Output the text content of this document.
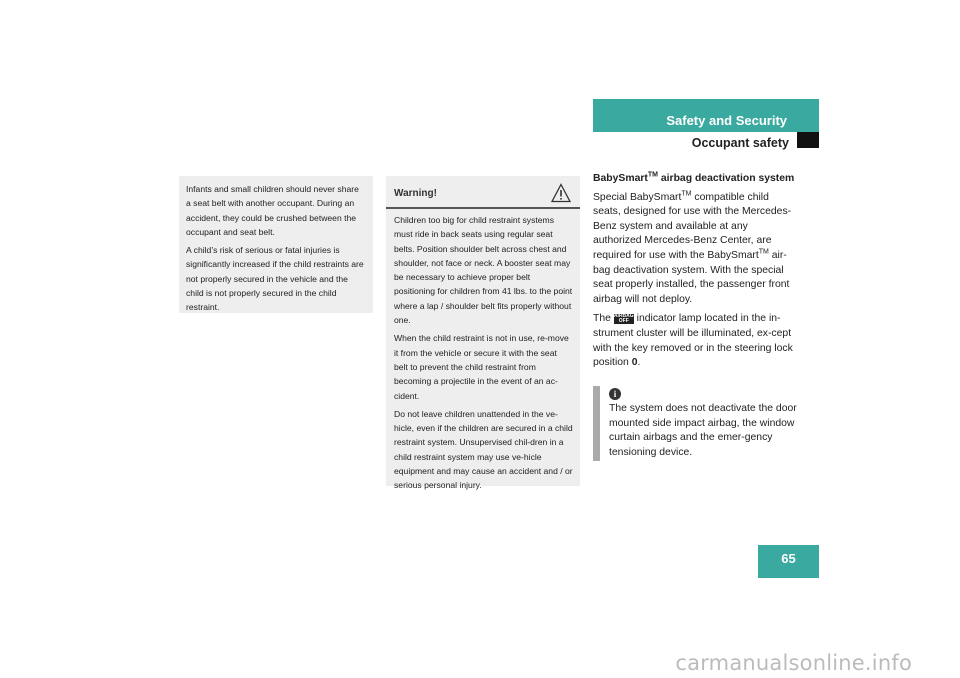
Safety and Security
Occupant safety

Infants and small children should never share a seat belt with another occupant. During an accident, they could be crushed between the occupant and seat belt.

A child’s risk of serious or fatal injuries is significantly increased if the child restraints are not properly secured in the vehicle and the child is not properly secured in the child restraint.

Warning!

Children too big for child restraint systems must ride in back seats using regular seat belts. Position shoulder belt across chest and shoulder, not face or neck. A booster seat may be necessary to achieve proper belt positioning for children from 41 lbs. to the point where a lap / shoulder belt fits properly without one.

When the child restraint is not in use, re-move it from the vehicle or secure it with the seat belt to prevent the child restraint from becoming a projectile in the event of an ac-cident.

Do not leave children unattended in the ve-hicle, even if the children are secured in a child restraint system. Unsupervised chil-dren in a child restraint system may use ve-hicle equipment and may cause an accident and / or serious personal injury.

BabySmart™ airbag deactivation system

Special BabySmart™ compatible child seats, designed for use with the Mercedes-Benz system and available at any authorized Mercedes-Benz Center, are required for use with the BabySmart™ air-bag deactivation system. With the special seat properly installed, the passenger front airbag will not deploy.

The AIRBAG OFF indicator lamp located in the in-strument cluster will be illuminated, ex-cept with the key removed or in the steering lock position 0.

i
The system does not deactivate the door mounted side impact airbag, the window curtain airbags and the emer-gency tensioning device.
65
carmanualsonline.info
